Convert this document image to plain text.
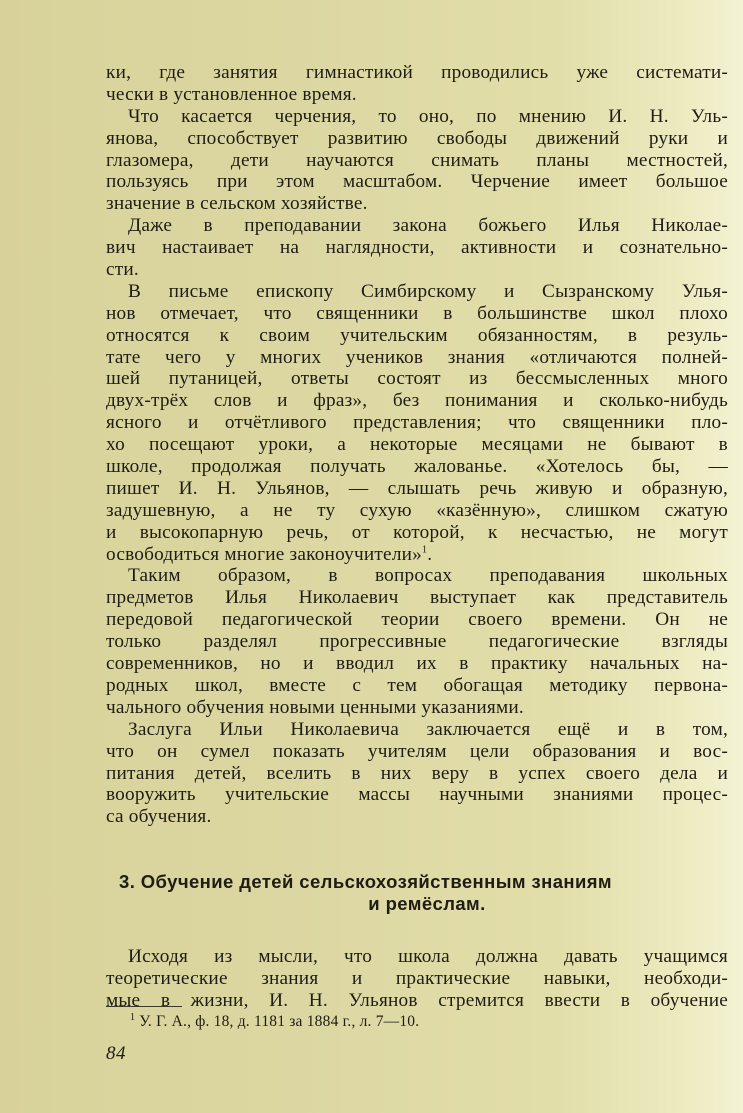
ки, где занятия гимнастикой проводились уже системати-
чески в установленное время.
Что касается черчения, то оно, по мнению И. Н. Уль-
янова, способствует развитию свободы движений руки и
глазомера, дети научаются снимать планы местностей,
пользуясь при этом масштабом. Черчение имеет большое
значение в сельском хозяйстве.
Даже в преподавании закона божьего Илья Николае-
вич настаивает на наглядности, активности и сознательно-
сти.
В письме епископу Симбирскому и Сызранскому Улья-
нов отмечает, что священники в большинстве школ плохо
относятся к своим учительским обязанностям, в резуль-
тате чего у многих учеников знания «отличаются полней-
шей путаницей, ответы состоят из бессмысленных много
двух-трёх слов и фраз», без понимания и сколько-нибудь
ясного и отчётливого представления; что священники пло-
хо посещают уроки, а некоторые месяцами не бывают в
школе, продолжая получать жалованье. «Хотелось бы, —
пишет И. Н. Ульянов, — слышать речь живую и образную,
задушевную, а не ту сухую «казённую», слишком сжатую
и высокопарную речь, от которой, к несчастью, не могут
освободиться многие законоучители»$^1$.
Таким образом, в вопросах преподавания школьных
предметов Илья Николаевич выступает как представитель
передовой педагогической теории своего времени. Он не
только разделял прогрессивные педагогические взгляды
современников, но и вводил их в практику начальных на-
родных школ, вместе с тем обогащая методику первона-
чального обучения новыми ценными указаниями.
Заслуга Ильи Николаевича заключается ещё и в том,
что он сумел показать учителям цели образования и вос-
питания детей, вселить в них веру в успех своего дела и
вооружить учительские массы научными знаниями процес-
са обучения.
3. Обучение детей сельскохозяйственным знаниям
и ремёслам.
Исходя из мысли, что школа должна давать учащимся
теоретические знания и практические навыки, необходи-
мые в жизни, И. Н. Ульянов стремится ввести в обучение
$^1$ У. Г. А., ф. 18, д. 1181 за 1884 г., л. 7—10.
84
